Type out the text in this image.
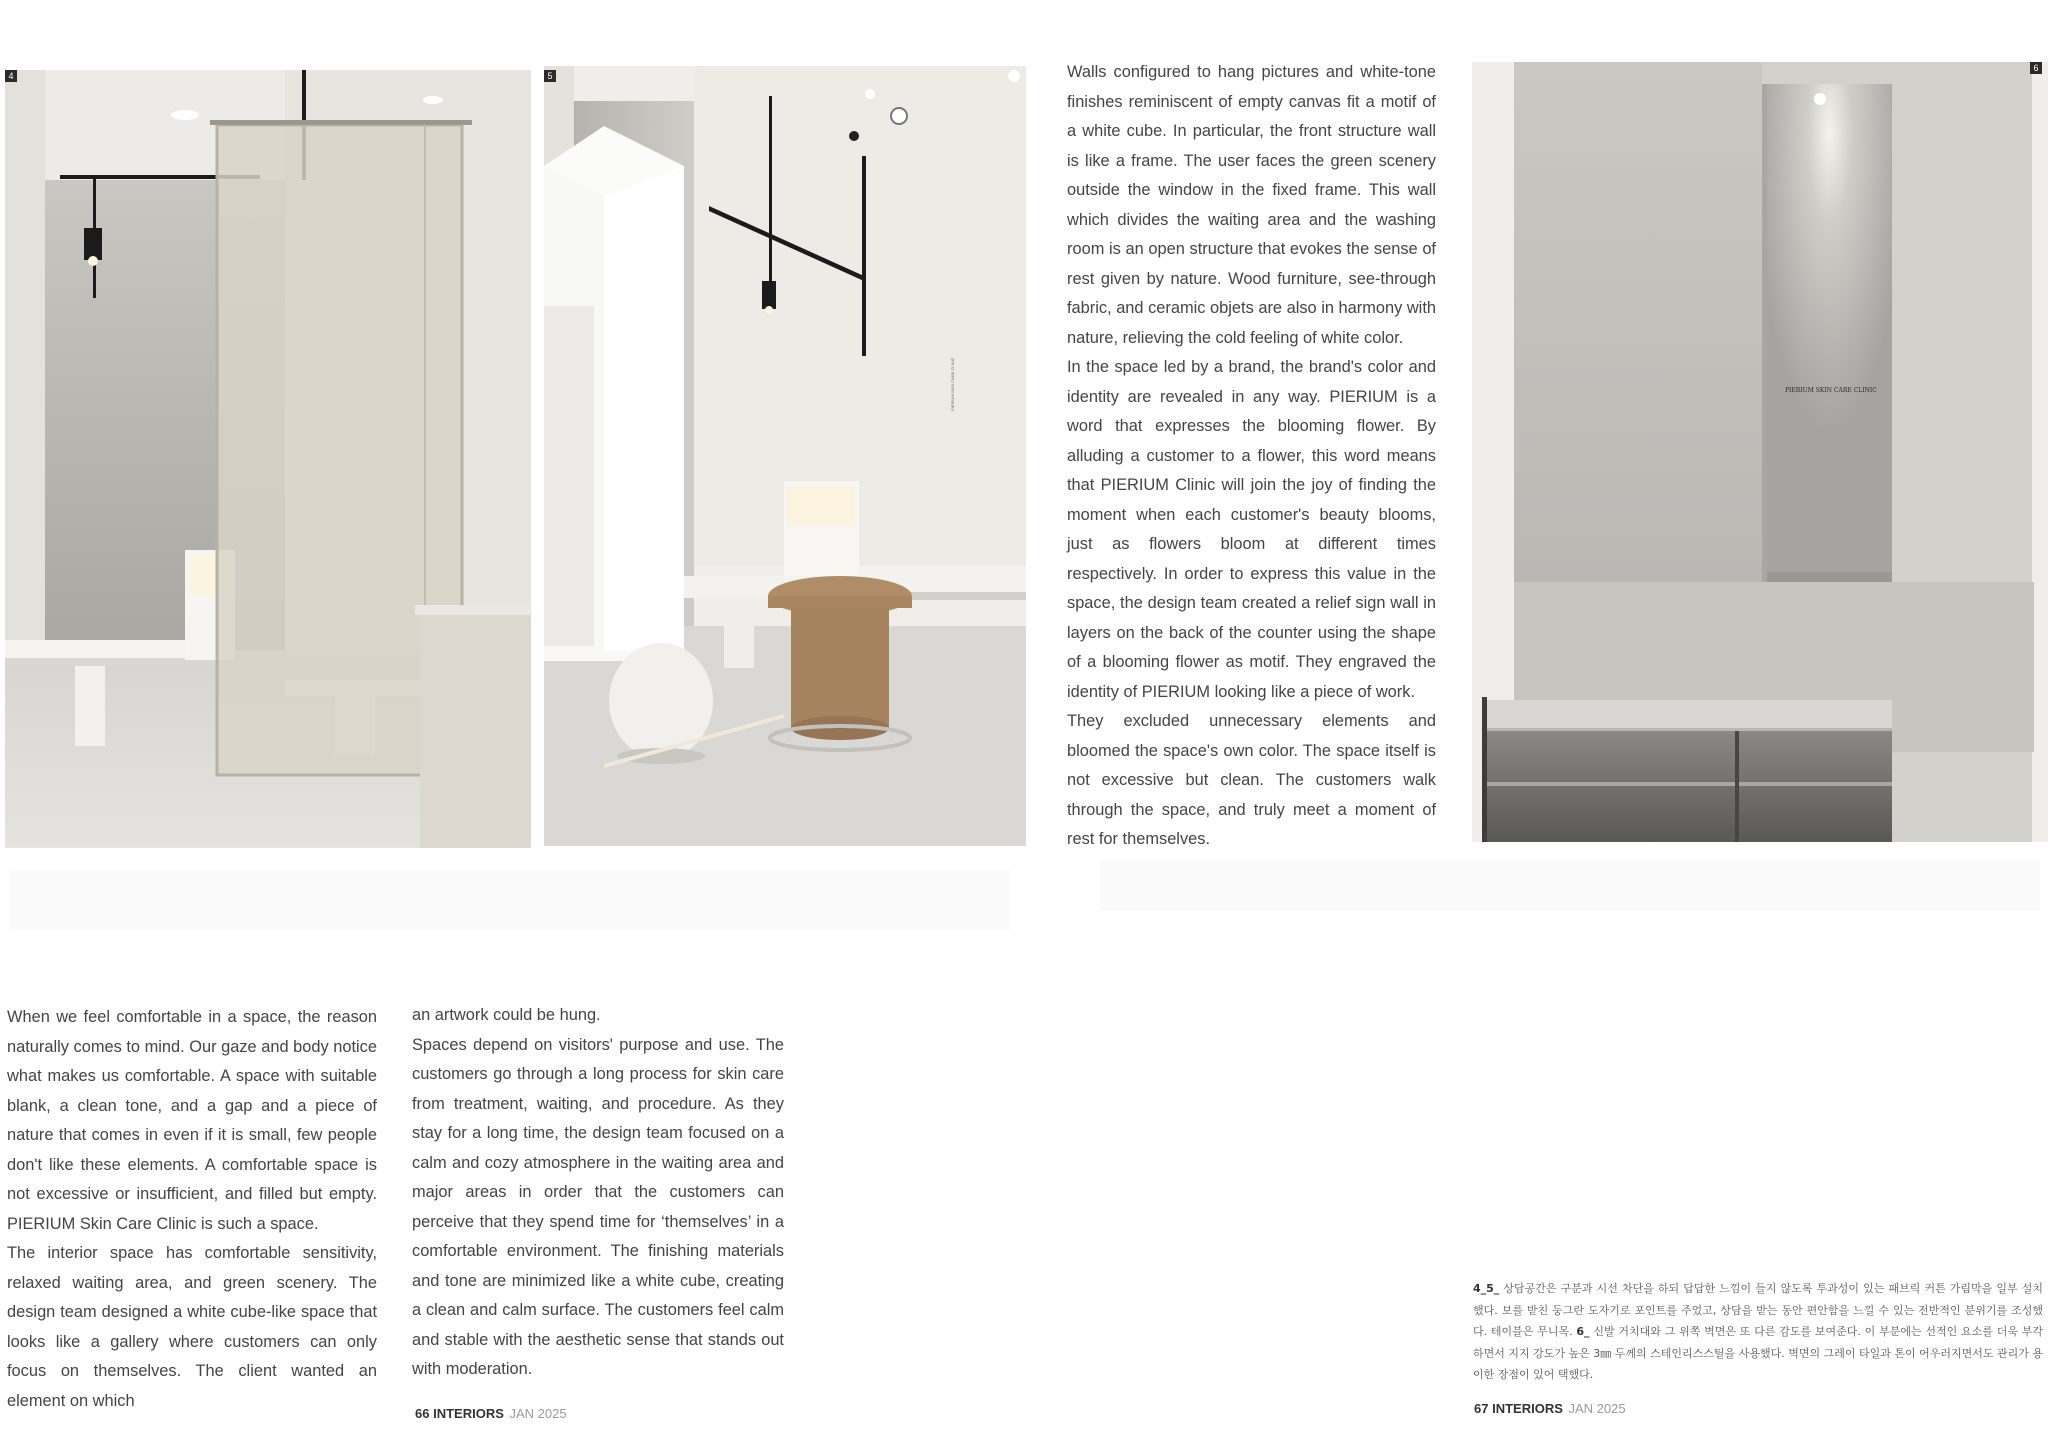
4
PIERIUM SKIN CARE CLINIC
5
PIERIUM SKIN CARE CLINIC
6

Walls configured to hang pictures and white-tone finishes reminiscent of empty canvas fit a motif of a white cube. In particular, the front structure wall is like a frame. The user faces the green scenery outside the window in the fixed frame. This wall which divides the waiting area and the washing room is an open structure that evokes the sense of rest given by nature. Wood furniture, see-through fabric, and ceramic objets are also in harmony with nature, relieving the cold feeling of white color.

In the space led by a brand, the brand's color and identity are revealed in any way. PIERIUM is a word that expresses the blooming flower. By alluding a customer to a flower, this word means that PIERIUM Clinic will join the joy of finding the moment when each customer's beauty blooms, just as flowers bloom at different times respectively. In order to express this value in the space, the design team created a relief sign wall in layers on the back of the counter using the shape of a blooming flower as motif. They engraved the identity of PIERIUM looking like a piece of work.

They excluded unnecessary elements and bloomed the space's own color. The space itself is not excessive but clean. The customers walk through the space, and truly meet a moment of rest for themselves.

When we feel comfortable in a space, the reason naturally comes to mind. Our gaze and body notice what makes us comfortable. A space with suitable blank, a clean tone, and a gap and a piece of nature that comes in even if it is small, few people don't like these elements. A comfortable space is not excessive or insufficient, and filled but empty. PIERIUM Skin Care Clinic is such a space.

The interior space has comfortable sensitivity, relaxed waiting area, and green scenery. The design team designed a white cube-like space that looks like a gallery where customers can only focus on themselves. The client wanted an element on which

an artwork could be hung.

Spaces depend on visitors' purpose and use. The customers go through a long process for skin care from treatment, waiting, and procedure. As they stay for a long time, the design team focused on a calm and cozy atmosphere in the waiting area and major areas in order that the customers can perceive that they spend time for ‘themselves’ in a comfortable environment. The finishing materials and tone are minimized like a white cube, creating a clean and calm surface. The customers feel calm and stable with the aesthetic sense that stands out with moderation.

4_5_ 상담공간은 구분과 시선 차단을 하되 답답한 느낌이 들지 않도록 투과성이 있는 패브릭 커튼 가림막을 일부 설치했다. 보를 받친 둥그란 도자기로 포인트를 주었고, 상담을 받는 동안 편안함을 느낄 수 있는 전반적인 분위기를 조성했다. 테이블은 무니목. 6_ 신발 거치대와 그 위쪽 벽면은 또 다른 감도를 보여준다. 이 부분에는 선적인 요소를 더욱 부각하면서 지지 강도가 높은 3㎜ 두께의 스테인리스스틸을 사용했다. 벽면의 그레이 타일과 톤이 어우러지면서도 관리가 용이한 장점이 있어 택했다.
66 INTERIORS JAN 2025	67 INTERIORS JAN 2025
